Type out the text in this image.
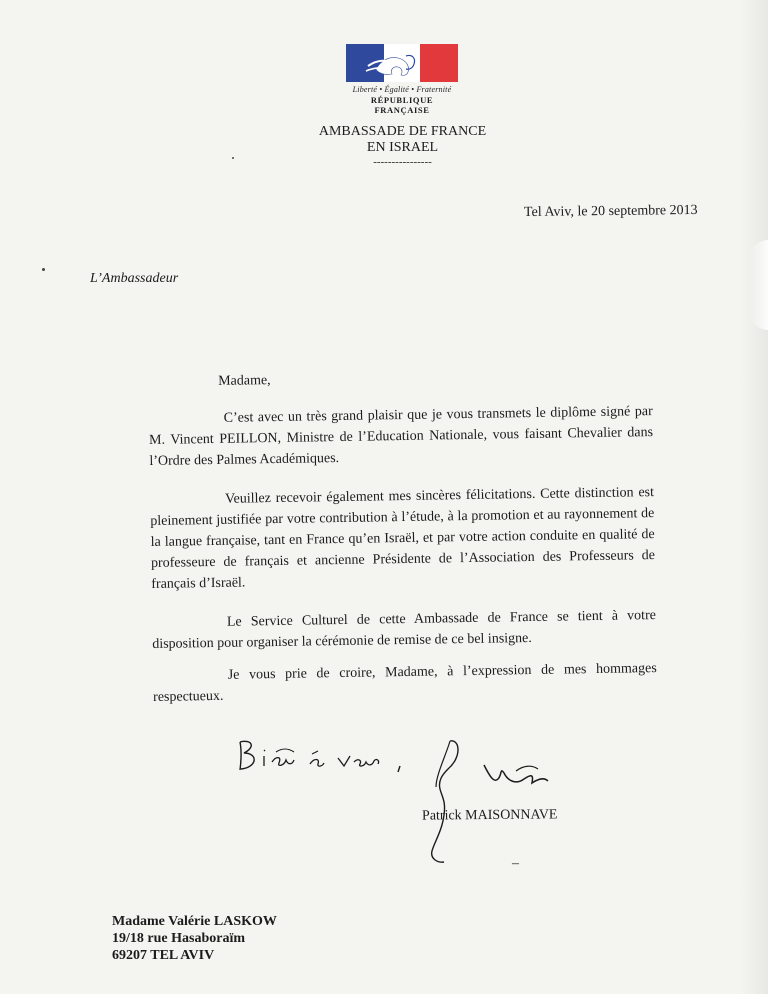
Liberté • Égalité • Fraternité
RÉPUBLIQUE FRANÇAISE
AMBASSADE DE FRANCE
EN ISRAEL
----------------
Tel Aviv, le 20 septembre 2013
L’Ambassadeur

Madame,

C’est avec un très grand plaisir que je vous transmets le diplôme signé par M. Vincent PEILLON, Ministre de l’Education Nationale, vous faisant Chevalier dans l’Ordre des Palmes Académiques.

Veuillez recevoir également mes sincères félicitations. Cette distinction est pleinement justifiée par votre contribution à l’étude, à la promotion et au rayonnement de la langue française, tant en France qu’en Israël, et par votre action conduite en qualité de professeure de français et ancienne Présidente de l’Association des Professeurs de français d’Israël.

Le Service Culturel de cette Ambassade de France se tient à votre disposition pour organiser la cérémonie de remise de ce bel insigne.

Je vous prie de croire, Madame, à l’expression de mes hommages respectueux.

Patrick MAISONNAVE
–
Madame Valérie LASKOW
19/18 rue Hasaboraïm
69207 TEL AVIV
